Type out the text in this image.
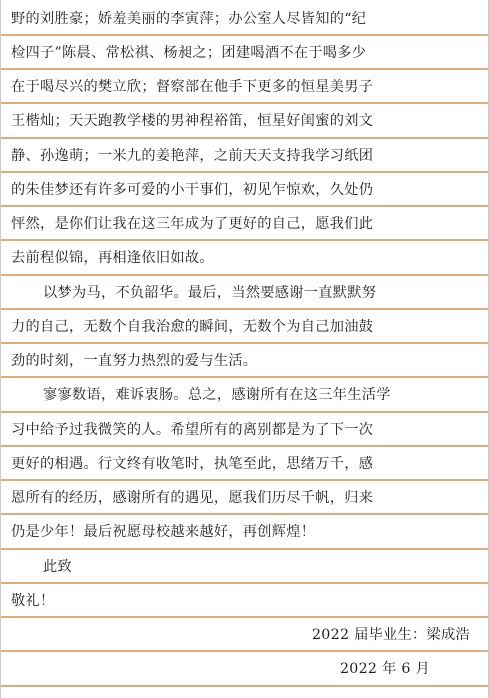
野的刘胜豪；娇羞美丽的李寅萍；办公室人尽皆知的“纪
检四子”陈晨、常松祺、杨昶之；团建喝酒不在于喝多少
在于喝尽兴的樊立欣；督察部在他手下更多的恒星美男子
王楷灿；天天跑教学楼的男神程裕笛，恒星好闺蜜的刘文
静、孙逸萌；一米九的姜艳萍，之前天天支持我学习纸团
的朱佳梦还有许多可爱的小干事们，初见乍惊欢，久处仍
怦然，是你们让我在这三年成为了更好的自己，愿我们此
去前程似锦，再相逢依旧如故。
以梦为马，不负韶华。最后，当然要感谢一直默默努
力的自己，无数个自我治愈的瞬间，无数个为自己加油鼓
劲的时刻，一直努力热烈的爱与生活。
寥寥数语，难诉衷肠。总之，感谢所有在这三年生活学
习中给予过我微笑的人。希望所有的离别都是为了下一次
更好的相遇。行文终有收笔时，执笔至此，思绪万千，感
恩所有的经历，感谢所有的遇见，愿我们历尽千帆，归来
仍是少年！最后祝愿母校越来越好，再创辉煌！
此致
敬礼！
2022 届毕业生：梁成浩
2022 年 6 月
